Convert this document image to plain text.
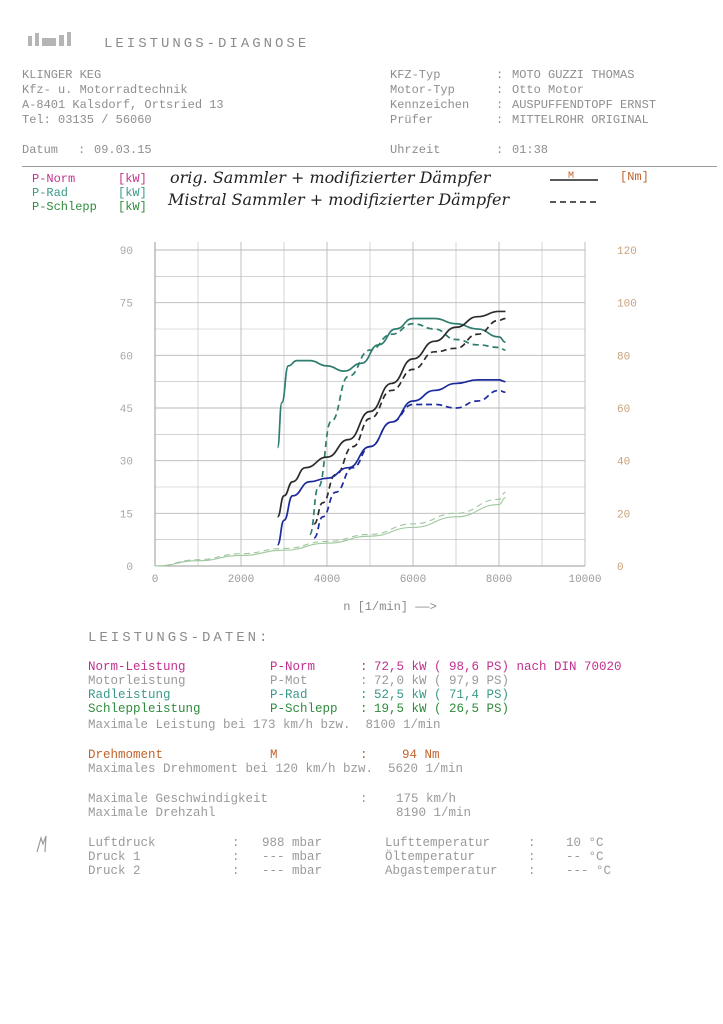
LEISTUNGS-DIAGNOSE
KLINGER KEG
Kfz- u. Motorradtechnik
A-8401 Kalsdorf, Ortsried 13
Tel: 03135 / 56060
KFZ-Typ	: MOTO GUZZI THOMAS
Motor-Typ	: Otto Motor
Kennzeichen : AUSPUFFENDTOPF ERNST
Prüfer	: MITTELROHR ORIGINAL
Datum : 09.03.15	Uhrzeit	: 01:38
P-Norm	[kW]
P-Rad	[kW]
P-Schlepp [kW]
orig. Sammler + modifizierter Dämpfer
Mistral Sammler + modifizierter Dämpfer
M	[Nm]
0	2000	4000	6000	8000	10000
0
15
30
45
60
75
90
0
20
40
60
80
100
120
n [1/min] ——>
LEISTUNGS-DATEN:
Norm-Leistung	P-Norm	: 72,5 kW ( 98,6 PS) nach DIN 70020
Motorleistung	P-Mot	: 72,0 kW ( 97,9 PS)
Radleistung	P-Rad	: 52,5 kW ( 71,4 PS)
Schleppleistung	P-Schlepp : 19,5 kW ( 26,5 PS)
Maximale Leistung bei 173 km/h bzw.  8100 1/min
Drehmoment	M	:	94 Nm
Maximales Drehmoment bei 120 km/h bzw.  5620 1/min
Maximale Geschwindigkeit	: 175 km/h
Maximale Drehzahl	8190 1/min
Luftdruck	: 988 mbar	Lufttemperatur	: 10 °C
Druck 1	: --- mbar	Öltemperatur	: -- °C
Druck 2	: --- mbar	Abgastemperatur : --- °C
